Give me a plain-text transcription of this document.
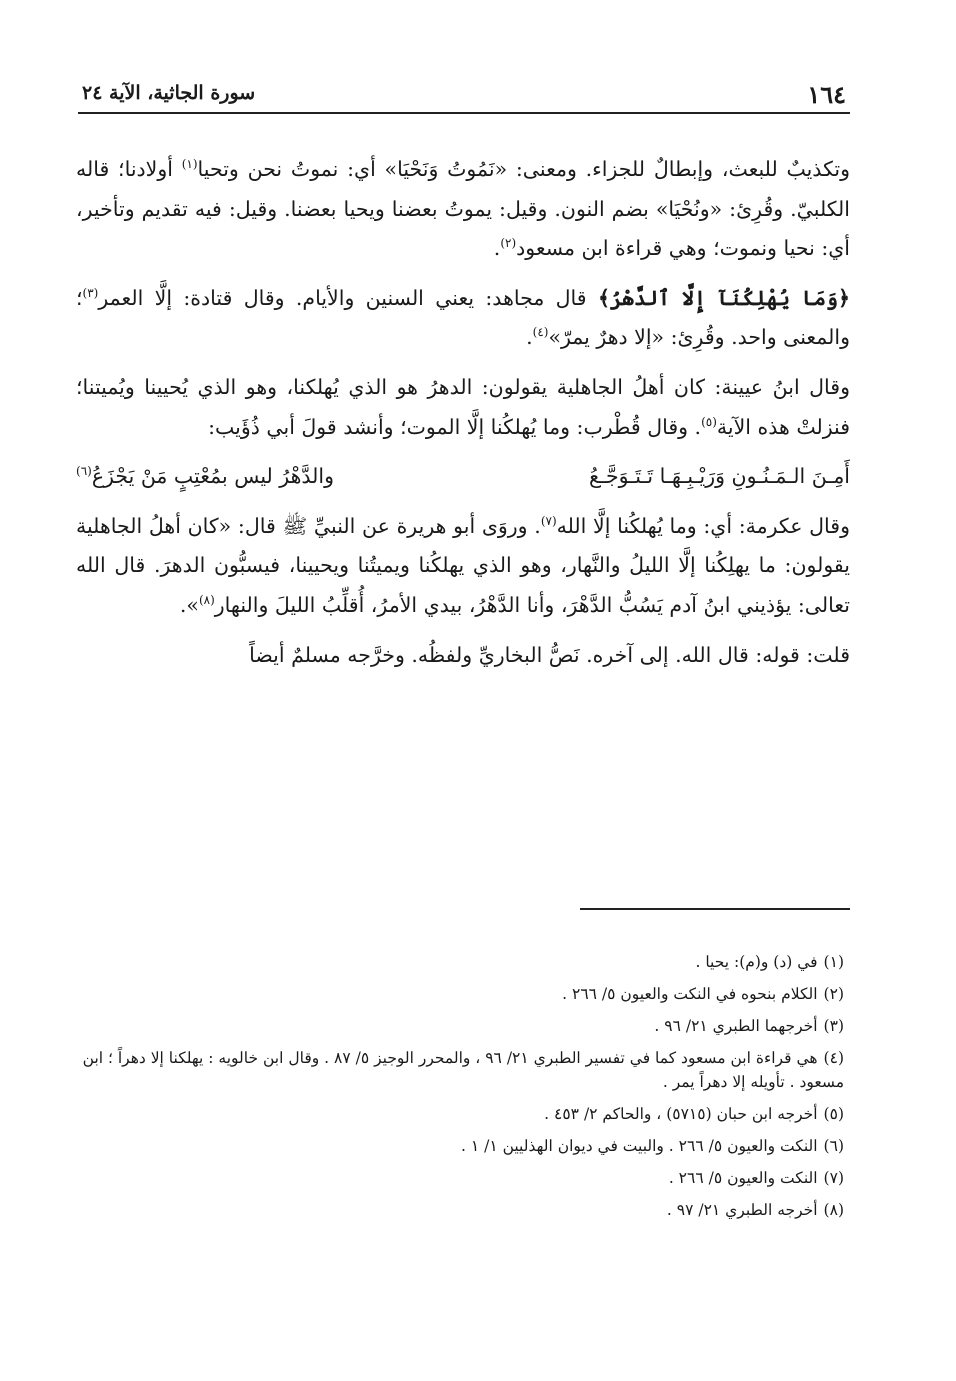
١٦٤
سورة الجاثية، الآية ٢٤

وتكذيبٌ للبعث، وإبطالٌ للجزاء. ومعنى: «نَمُوتُ وَنَحْيَا» أي: نموتُ نحن وتحيا$^{(١)}$ أولادنا؛ قاله الكلبيّ. وقُرِئ: «ونُحْيَا» بضم النون. وقيل: يموتُ بعضنا ويحيا بعضنا. وقيل: فيه تقديم وتأخير، أي: نحيا ونموت؛ وهي قراءة ابن مسعود$^{(٢)}$.

﴿وَمَا يُهْلِكُنَآ إِلَّا ٱلدَّهْرُ﴾ قال مجاهد: يعني السنين والأيام. وقال قتادة: إلَّا العمر$^{(٣)}$؛ والمعنى واحد. وقُرِئ: «إلا دهرٌ يمرّ»$^{(٤)}$.

وقال ابنُ عيينة: كان أهلُ الجاهلية يقولون: الدهرُ هو الذي يُهلكنا، وهو الذي يُحيينا ويُميتنا؛ فنزلتْ هذه الآية$^{(٥)}$. وقال قُطْرب: وما يُهلكُنا إلَّا الموت؛ وأنشد قولَ أبي ذُؤَيب:

أَمِـنَ الـمَـنُـونِ وَرَيْـبِـهَـا تَـتَـوَجَّـعُ
والدَّهْرُ ليس بمُعْتِبٍ مَنْ يَجْزَعُ$^{(٦)}$

وقال عكرمة: أي: وما يُهلكُنا إلَّا الله$^{(٧)}$. وروَى أبو هريرة عن النبيِّ ﷺ قال: «كان أهلُ الجاهلية يقولون: ما يهلِكُنا إلَّا الليلُ والنَّهار، وهو الذي يهلكُنا ويميتُنا ويحيينا، فيسبُّون الدهرَ. قال الله تعالى: يؤذيني ابنُ آدم يَسُبُّ الدَّهْرَ، وأنا الدَّهْرُ، بيدي الأمرُ، أُقلِّبُ الليلَ والنهار$^{(٨)}$».

قلت: قوله: قال الله. إلى آخره. نَصُّ البخاريِّ ولفظُه. وخرَّجه مسلمٌ أيضاً

(١)في (د) و(م): يحيا .
(٢)الكلام بنحوه في النكت والعيون ٥/ ٢٦٦ .
(٣)أخرجهما الطبري ٢١/ ٩٦ .
(٤)هي قراءة ابن مسعود كما في تفسير الطبري ٢١/ ٩٦ ، والمحرر الوجيز ٥/ ٨٧ . وقال ابن خالويه : يهلكنا إلا دهراً ؛ ابن مسعود . تأويله إلا دهراً يمر .
(٥)أخرجه ابن حبان (٥٧١٥) ، والحاكم ٢/ ٤٥٣ .
(٦)النكت والعيون ٥/ ٢٦٦ . والبيت في ديوان الهذليين ١/ ١ .
(٧)النكت والعيون ٥/ ٢٦٦ .
(٨)أخرجه الطبري ٢١/ ٩٧ .
